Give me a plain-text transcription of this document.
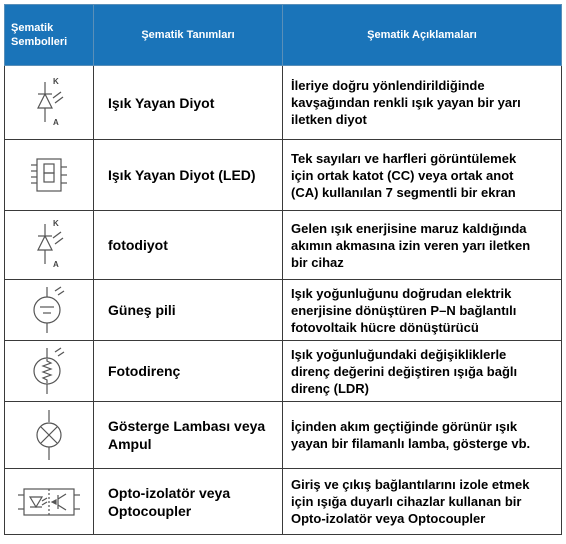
Şematik
Sembolleri	Şematik Tanımları	Şematik Açıklamaları

K
A	Işık Yayan Diyot	İleriye doğru yönlendirildiğinde
kavşağından renkli ışık yayan bir yarı
iletken diyot

Işık Yayan Diyot (LED)	Tek sayıları ve harfleri görüntülemek
için ortak katot (CC) veya ortak anot
(CA) kullanılan 7 segmentli bir ekran

K
A	fotodiyot	Gelen ışık enerjisine maruz kaldığında
akımın akmasına izin veren yarı iletken
bir cihaz

Güneş pili	Işık yoğunluğunu doğrudan elektrik
enerjisine dönüştüren P–N bağlantılı
fotovoltaik hücre dönüştürücü

Fotodirenç	Işık yoğunluğundaki değişikliklerle
direnç değerini değiştiren ışığa bağlı
direnç (LDR)

Gösterge Lambası veya
Ampul	İçinden akım geçtiğinde görünür ışık
yayan bir filamanlı lamba, gösterge vb.

Opto-izolatör veya
Optocoupler	Giriş ve çıkış bağlantılarını izole etmek
için ışığa duyarlı cihazlar kullanan bir
Opto-izolatör veya Optocoupler
